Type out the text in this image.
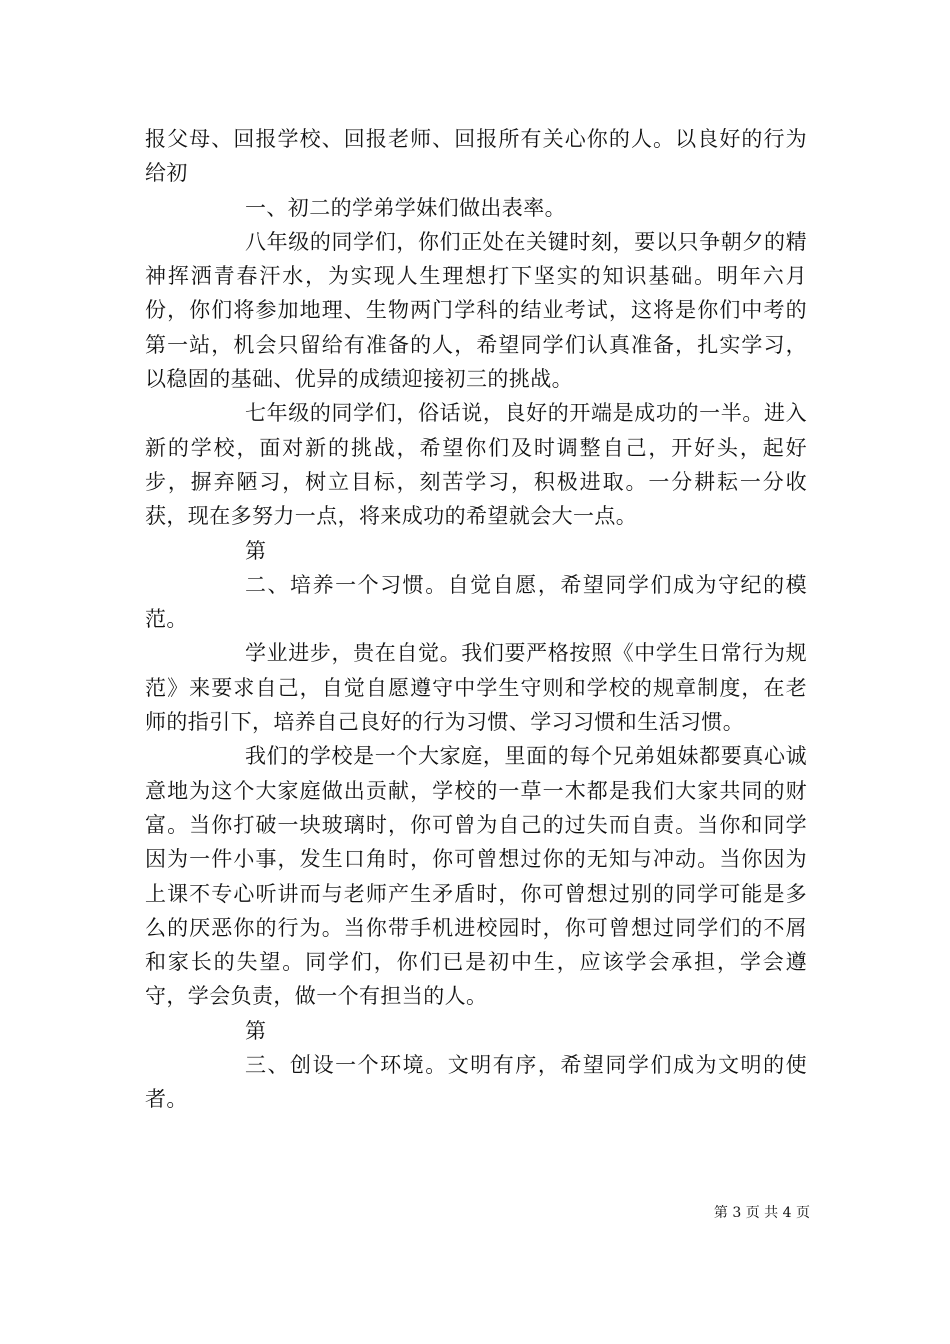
报父母、回报学校、回报老师、回报所有关心你的人。以良好的行为给初

一、初二的学弟学妹们做出表率。

八年级的同学们，你们正处在关键时刻，要以只争朝夕的精神挥洒青春汗水，为实现人生理想打下坚实的知识基础。明年六月份，你们将参加地理、生物两门学科的结业考试，这将是你们中考的第一站，机会只留给有准备的人，希望同学们认真准备，扎实学习，以稳固的基础、优异的成绩迎接初三的挑战。

七年级的同学们，俗话说，良好的开端是成功的一半。进入新的学校，面对新的挑战，希望你们及时调整自己，开好头，起好步，摒弃陋习，树立目标，刻苦学习，积极进取。一分耕耘一分收获，现在多努力一点，将来成功的希望就会大一点。

第

二、培养一个习惯。自觉自愿，希望同学们成为守纪的模范。

学业进步，贵在自觉。我们要严格按照《中学生日常行为规范》来要求自己，自觉自愿遵守中学生守则和学校的规章制度，在老师的指引下，培养自己良好的行为习惯、学习习惯和生活习惯。

我们的学校是一个大家庭，里面的每个兄弟姐妹都要真心诚意地为这个大家庭做出贡献，学校的一草一木都是我们大家共同的财富。当你打破一块玻璃时，你可曾为自己的过失而自责。当你和同学因为一件小事，发生口角时，你可曾想过你的无知与冲动。当你因为上课不专心听讲而与老师产生矛盾时，你可曾想过别的同学可能是多么的厌恶你的行为。当你带手机进校园时，你可曾想过同学们的不屑和家长的失望。同学们，你们已是初中生，应该学会承担，学会遵守，学会负责，做一个有担当的人。

第

三、创设一个环境。文明有序，希望同学们成为文明的使者。

第 3 页 共 4 页
